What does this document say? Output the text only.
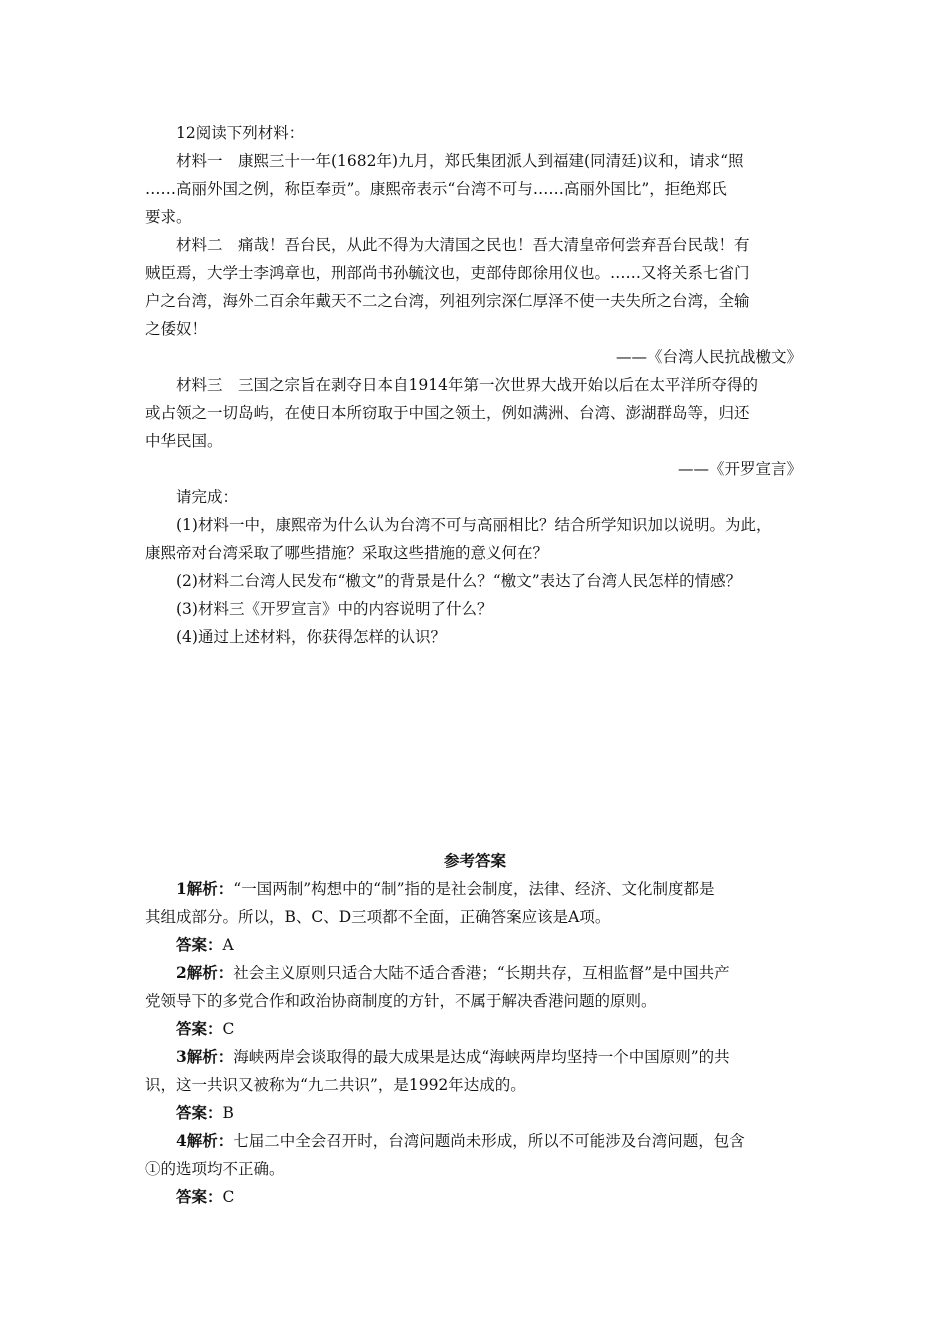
12阅读下列材料：
材料一　康熙三十一年(1682年)九月，郑氏集团派人到福建(同清廷)议和，请求“照
……高丽外国之例，称臣奉贡”。康熙帝表示“台湾不可与……高丽外国比”，拒绝郑氏
要求。
材料二　痛哉！吾台民，从此不得为大清国之民也！吾大清皇帝何尝弃吾台民哉！有
贼臣焉，大学士李鸿章也，刑部尚书孙毓汶也，吏部侍郎徐用仪也。……又将关系七省门
户之台湾，海外二百余年戴天不二之台湾，列祖列宗深仁厚泽不使一夫失所之台湾，全输
之倭奴！
——《台湾人民抗战檄文》
材料三　三国之宗旨在剥夺日本自1914年第一次世界大战开始以后在太平洋所夺得的
或占领之一切岛屿，在使日本所窃取于中国之领土，例如满洲、台湾、澎湖群岛等，归还
中华民国。
——《开罗宣言》
请完成：
(1)材料一中，康熙帝为什么认为台湾不可与高丽相比？结合所学知识加以说明。为此，
康熙帝对台湾采取了哪些措施？采取这些措施的意义何在？
(2)材料二台湾人民发布“檄文”的背景是什么？“檄文”表达了台湾人民怎样的情感？
(3)材料三《开罗宣言》中的内容说明了什么？
(4)通过上述材料，你获得怎样的认识？
参考答案
1解析：“一国两制”构想中的“制”指的是社会制度，法律、经济、文化制度都是
其组成部分。所以，B、C、D三项都不全面，正确答案应该是A项。
答案：A
2解析：社会主义原则只适合大陆不适合香港；“长期共存，互相监督”是中国共产
党领导下的多党合作和政治协商制度的方针，不属于解决香港问题的原则。
答案：C
3解析：海峡两岸会谈取得的最大成果是达成“海峡两岸均坚持一个中国原则”的共
识，这一共识又被称为“九二共识”，是1992年达成的。
答案：B
4解析：七届二中全会召开时，台湾问题尚未形成，所以不可能涉及台湾问题，包含
①的选项均不正确。
答案：C
